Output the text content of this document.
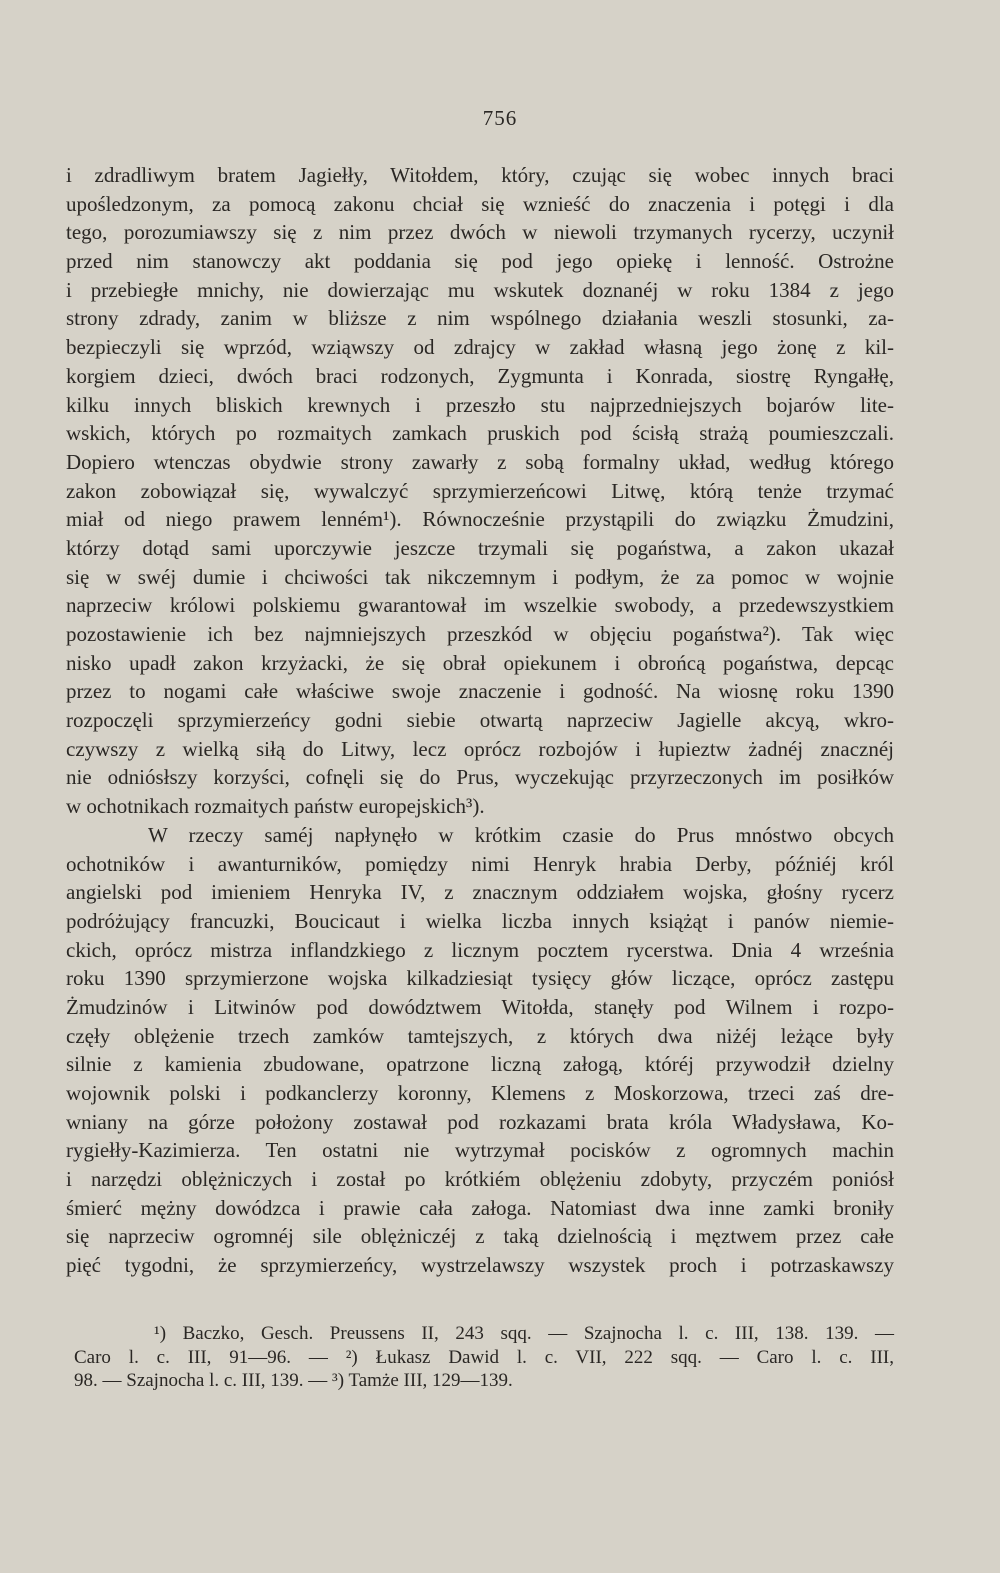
756
i zdradliwym bratem Jagiełły, Witołdem, który, czując się wobec innych braci
upośledzonym, za pomocą zakonu chciał się wznieść do znaczenia i potęgi i dla
tego, porozumiawszy się z nim przez dwóch w niewoli trzymanych rycerzy, uczynił
przed nim stanowczy akt poddania się pod jego opiekę i lenność. Ostrożne
i przebiegłe mnichy, nie dowierzając mu wskutek doznanéj w roku 1384 z jego
strony zdrady, zanim w bliższe z nim wspólnego działania weszli stosunki, za-
bezpieczyli się wprzód, wziąwszy od zdrajcy w zakład własną jego żonę z kil-
korgiem dzieci, dwóch braci rodzonych, Zygmunta i Konrada, siostrę Ryngałłę,
kilku innych bliskich krewnych i przeszło stu najprzedniejszych bojarów lite-
wskich, których po rozmaitych zamkach pruskich pod ścisłą strażą poumieszczali.
Dopiero wtenczas obydwie strony zawarły z sobą formalny układ, według którego
zakon zobowiązał się, wywalczyć sprzymierzeńcowi Litwę, którą tenże trzymać
miał od niego prawem lenném¹). Równocześnie przystąpili do związku Żmudzini,
którzy dotąd sami uporczywie jeszcze trzymali się pogaństwa, a zakon ukazał
się w swéj dumie i chciwości tak nikczemnym i podłym, że za pomoc w wojnie
naprzeciw królowi polskiemu gwarantował im wszelkie swobody, a przedewszystkiem
pozostawienie ich bez najmniejszych przeszkód w objęciu pogaństwa²). Tak więc
nisko upadł zakon krzyżacki, że się obrał opiekunem i obrońcą pogaństwa, depcąc
przez to nogami całe właściwe swoje znaczenie i godność. Na wiosnę roku 1390
rozpoczęli sprzymierzeńcy godni siebie otwartą naprzeciw Jagielle akcyą, wkro-
czywszy z wielką siłą do Litwy, lecz oprócz rozbojów i łupieztw żadnéj znacznéj
nie odniósłszy korzyści, cofnęli się do Prus, wyczekując przyrzeczonych im posiłków
w ochotnikach rozmaitych państw europejskich³).
W rzeczy saméj napłynęło w krótkim czasie do Prus mnóstwo obcych
ochotników i awanturników, pomiędzy nimi Henryk hrabia Derby, późniéj król
angielski pod imieniem Henryka IV, z znacznym oddziałem wojska, głośny rycerz
podróżujący francuzki, Boucicaut i wielka liczba innych książąt i panów niemie-
ckich, oprócz mistrza inflandzkiego z licznym pocztem rycerstwa. Dnia 4 września
roku 1390 sprzymierzone wojska kilkadziesiąt tysięcy głów liczące, oprócz zastępu
Żmudzinów i Litwinów pod dowództwem Witołda, stanęły pod Wilnem i rozpo-
częły oblężenie trzech zamków tamtejszych, z których dwa niżéj leżące były
silnie z kamienia zbudowane, opatrzone liczną załogą, któréj przywodził dzielny
wojownik polski i podkanclerzy koronny, Klemens z Moskorzowa, trzeci zaś dre-
wniany na górze położony zostawał pod rozkazami brata króla Władysława, Ko-
rygiełły-Kazimierza. Ten ostatni nie wytrzymał pocisków z ogromnych machin
i narzędzi oblężniczych i został po krótkiém oblężeniu zdobyty, przyczém poniósł
śmierć mężny dowódzca i prawie cała załoga. Natomiast dwa inne zamki broniły
się naprzeciw ogromnéj sile oblężniczéj z taką dzielnością i męztwem przez całe
pięć tygodni, że sprzymierzeńcy, wystrzelawszy wszystek proch i potrzaskawszy
¹) Baczko, Gesch. Preussens II, 243 sqq. — Szajnocha l. c. III, 138. 139. —
Caro l. c. III, 91—96. — ²) Łukasz Dawid l. c. VII, 222 sqq. — Caro l. c. III,
98. — Szajnocha l. c. III, 139. — ³) Tamże III, 129—139.
